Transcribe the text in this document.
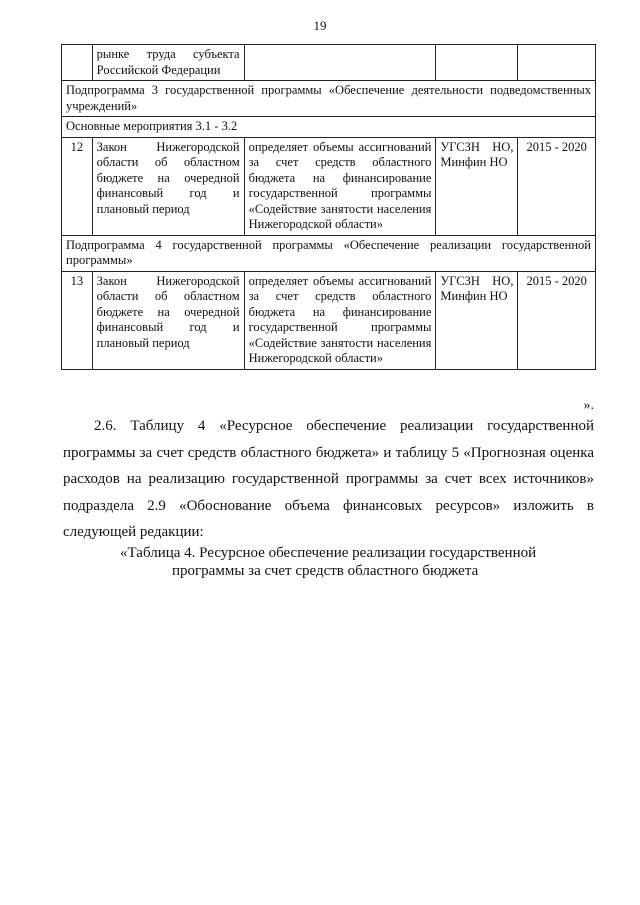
19
	рынке труда субъекта Российской Федерации			
Подпрограмма 3 государственной программы «Обеспечение деятельности подведомственных учреждений»				
Основные мероприятия 3.1 - 3.2				
12	Закон Нижегородской области об областном бюджете на очередной финансовый год и плановый период	определяет объемы ассигнований за счет средств областного бюджета на финансирование государственной программы «Содействие занятости населения Нижегородской области»	УГСЗН НО, Минфин НО	2015 - 2020
Подпрограмма 4 государственной программы «Обеспечение реализации государственной программы»				
13	Закон Нижегородской области об областном бюджете на очередной финансовый год и плановый период	определяет объемы ассигнований за счет средств областного бюджета на финансирование государственной программы «Содействие занятости населения Нижегородской области»	УГСЗН НО, Минфин НО	2015 - 2020
».

2.6. Таблицу 4 «Ресурсное обеспечение реализации государственной программы за счет средств областного бюджета» и таблицу 5 «Прогнозная оценка расходов на реализацию государственной программы за счет всех источников» подраздела 2.9 «Обоснование объема финансовых ресурсов» изложить в следующей редакции:

«Таблица 4. Ресурсное обеспечение реализации государственной
программы за счет средств областного бюджета
